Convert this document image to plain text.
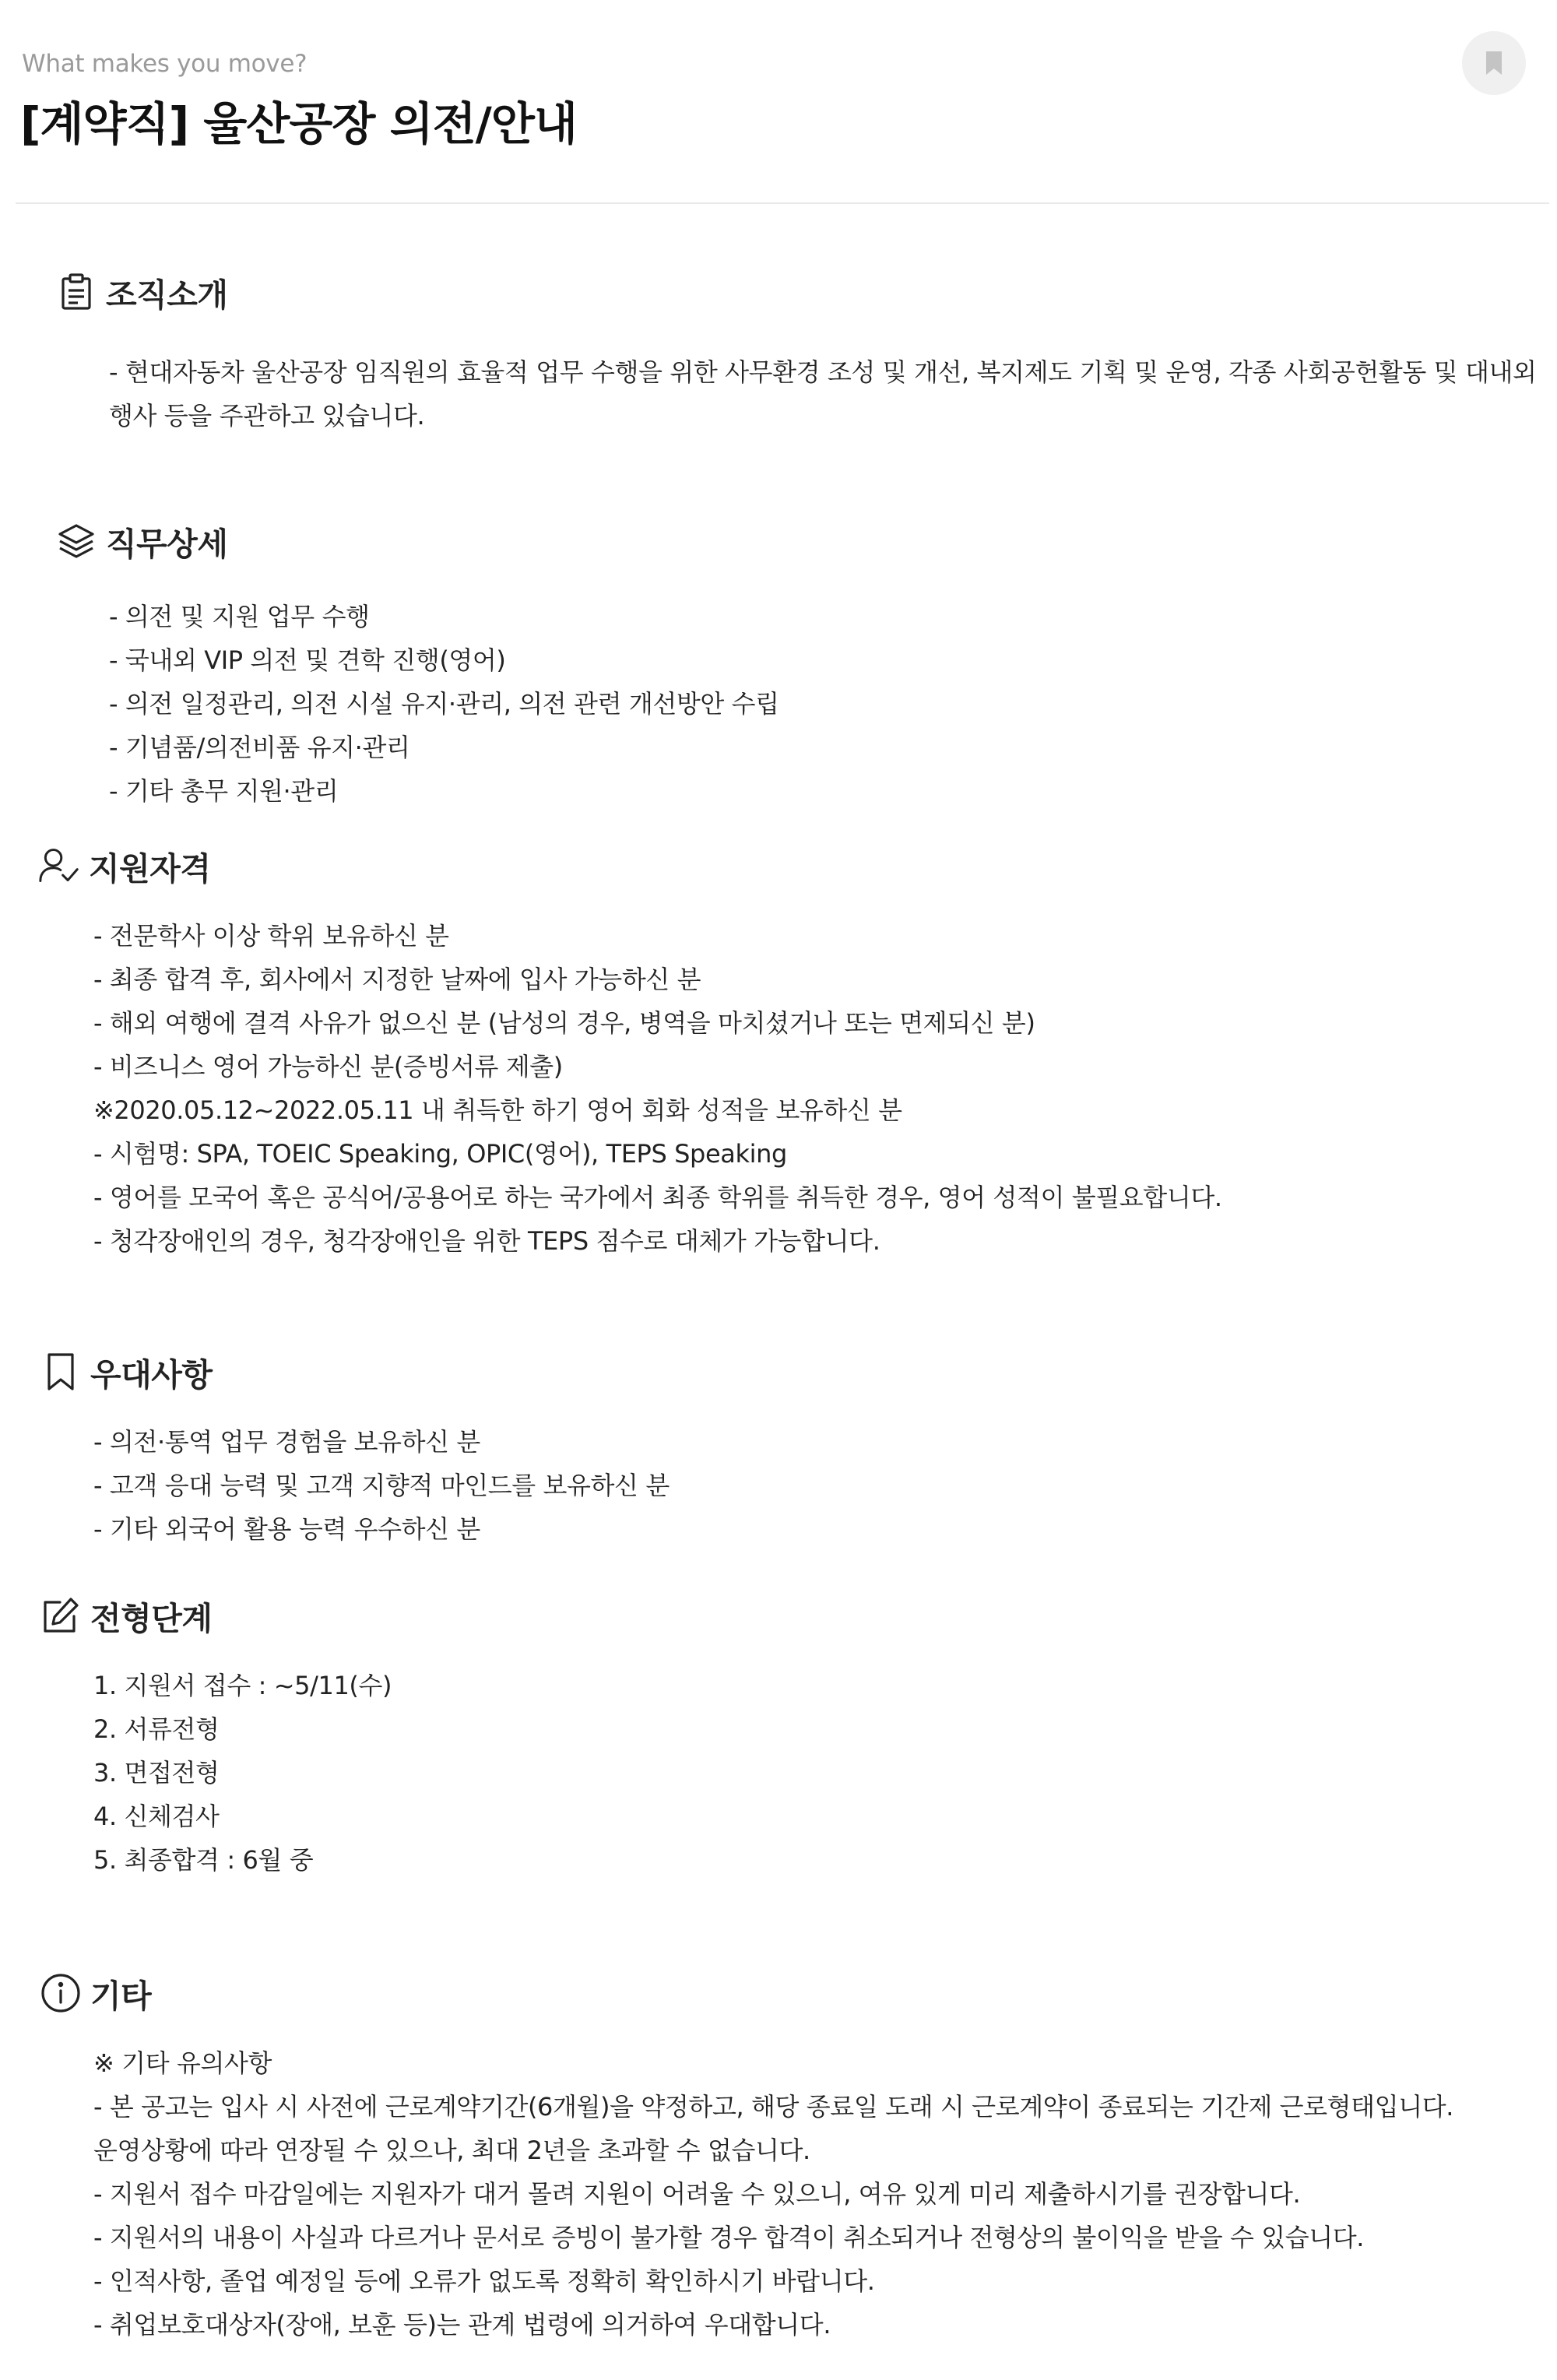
What makes you move?
[계약직] 울산공장 의전/안내
조직소개
- 현대자동차 울산공장 임직원의 효율적 업무 수행을 위한 사무환경 조성 및 개선, 복지제도 기획 및 운영, 각종 사회공헌활동 및 대내외
행사 등을 주관하고 있습니다.
직무상세
- 의전 및 지원 업무 수행
- 국내외 VIP 의전 및 견학 진행(영어)
- 의전 일정관리, 의전 시설 유지·관리, 의전 관련 개선방안 수립
- 기념품/의전비품 유지·관리
- 기타 총무 지원·관리
지원자격
- 전문학사 이상 학위 보유하신 분
- 최종 합격 후, 회사에서 지정한 날짜에 입사 가능하신 분
- 해외 여행에 결격 사유가 없으신 분 (남성의 경우, 병역을 마치셨거나 또는 면제되신 분)
- 비즈니스 영어 가능하신 분(증빙서류 제출)
※2020.05.12~2022.05.11 내 취득한 하기 영어 회화 성적을 보유하신 분
- 시험명: SPA, TOEIC Speaking, OPIC(영어), TEPS Speaking
- 영어를 모국어 혹은 공식어/공용어로 하는 국가에서 최종 학위를 취득한 경우, 영어 성적이 불필요합니다.
- 청각장애인의 경우, 청각장애인을 위한 TEPS 점수로 대체가 가능합니다.
우대사항
- 의전·통역 업무 경험을 보유하신 분
- 고객 응대 능력 및 고객 지향적 마인드를 보유하신 분
- 기타 외국어 활용 능력 우수하신 분
전형단계
1. 지원서 접수 : ~5/11(수)
2. 서류전형
3. 면접전형
4. 신체검사
5. 최종합격 : 6월 중
기타
※ 기타 유의사항
- 본 공고는 입사 시 사전에 근로계약기간(6개월)을 약정하고, 해당 종료일 도래 시 근로계약이 종료되는 기간제 근로형태입니다.
운영상황에 따라 연장될 수 있으나, 최대 2년을 초과할 수 없습니다.
- 지원서 접수 마감일에는 지원자가 대거 몰려 지원이 어려울 수 있으니, 여유 있게 미리 제출하시기를 권장합니다.
- 지원서의 내용이 사실과 다르거나 문서로 증빙이 불가할 경우 합격이 취소되거나 전형상의 불이익을 받을 수 있습니다.
- 인적사항, 졸업 예정일 등에 오류가 없도록 정확히 확인하시기 바랍니다.
- 취업보호대상자(장애, 보훈 등)는 관계 법령에 의거하여 우대합니다.
